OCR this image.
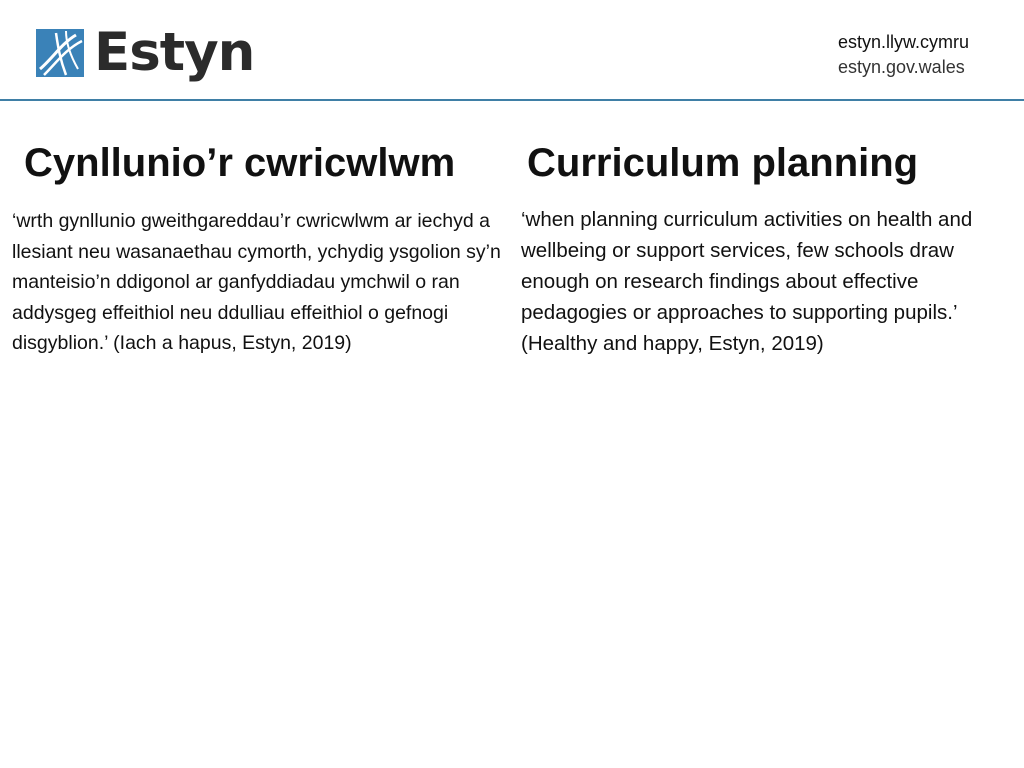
Estyn	estyn.llyw.cymru
estyn.gov.wales
Cynllunio’r cwricwlwm

‘wrth gynllunio gweithgareddau’r cwricwlwm ar iechyd a llesiant neu wasanaethau cymorth, ychydig ysgolion sy’n manteisio’n ddigonol ar ganfyddiadau ymchwil o ran addysgeg effeithiol neu ddulliau effeithiol o gefnogi disgyblion.’ (Iach a hapus, Estyn, 2019)

Curriculum planning

‘when planning curriculum activities on health and wellbeing or support services, few schools draw enough on research findings about effective pedagogies or approaches to supporting pupils.’ (Healthy and happy, Estyn, 2019)
